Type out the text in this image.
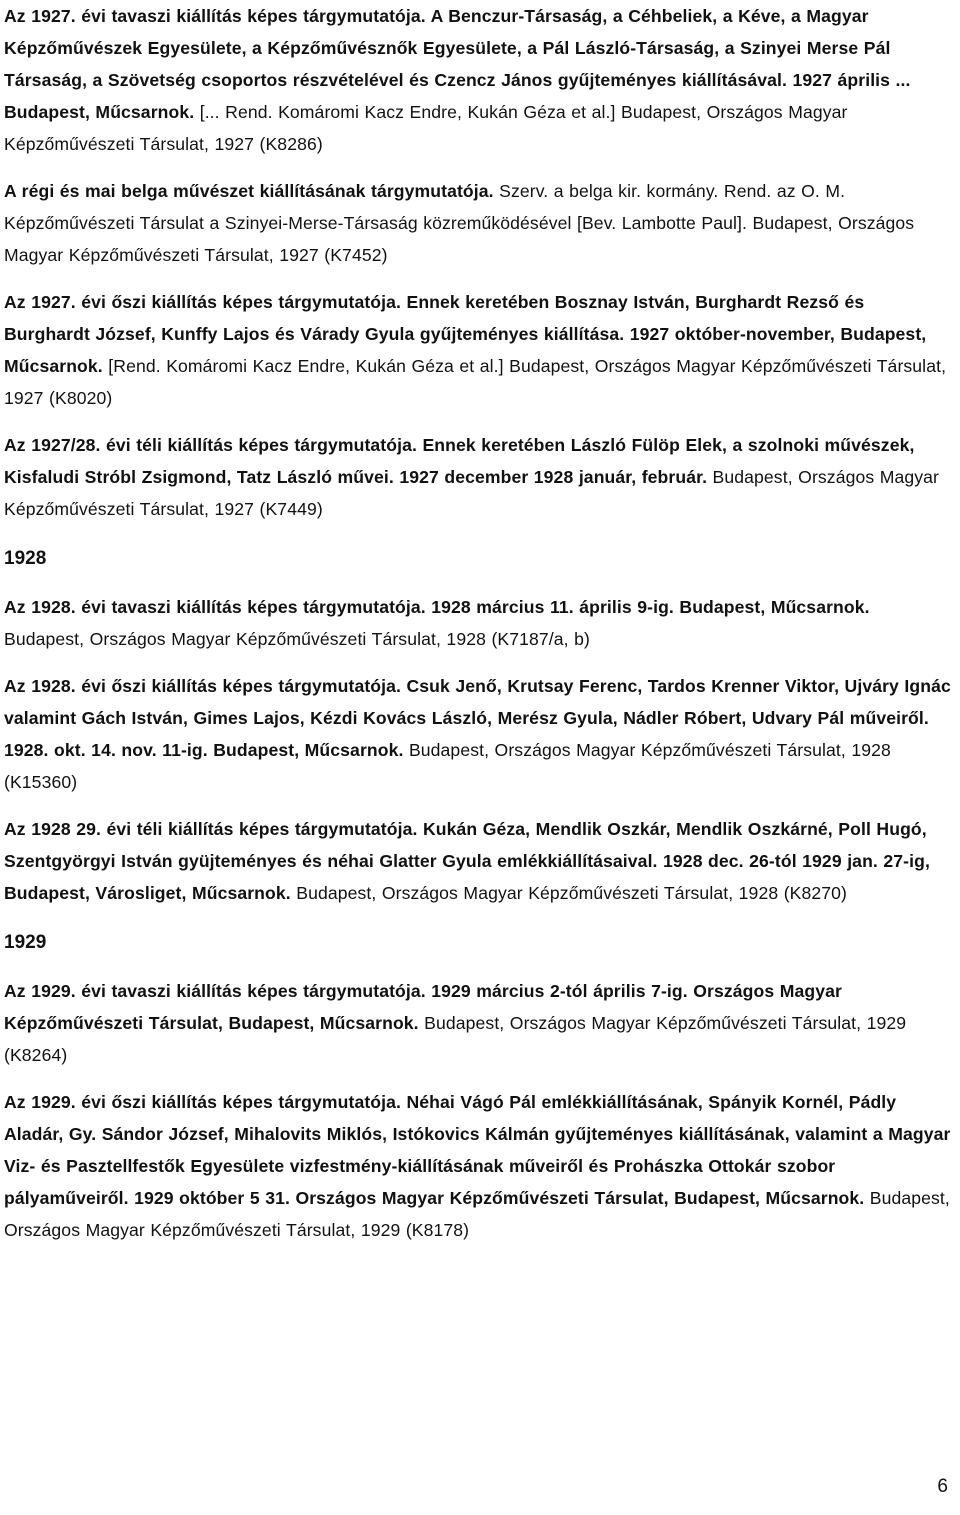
Az 1927. évi tavaszi kiállítás képes tárgymutatója. A Benczur-Társaság, a Céhbeliek, a Kéve, a Magyar Képzőművészek Egyesülete, a Képzőművésznők Egyesülete, a Pál László-Társaság, a Szinyei Merse Pál Társaság, a Szövetség csoportos részvételével és Czencz János gyűjteményes kiállításával. 1927 április ... Budapest, Műcsarnok. [... Rend. Komáromi Kacz Endre, Kukán Géza et al.] Budapest, Országos Magyar Képzőművészeti Társulat, 1927 (K8286)

A régi és mai belga művészet kiállításának tárgymutatója. Szerv. a belga kir. kormány. Rend. az O. M. Képzőművészeti Társulat a Szinyei-Merse-Társaság közreműködésével [Bev. Lambotte Paul]. Budapest, Országos Magyar Képzőművészeti Társulat, 1927 (K7452)

Az 1927. évi őszi kiállítás képes tárgymutatója. Ennek keretében Bosznay István, Burghardt Rezső és Burghardt József, Kunffy Lajos és Várady Gyula gyűjteményes kiállítása. 1927 október-november, Budapest, Műcsarnok. [Rend. Komáromi Kacz Endre, Kukán Géza et al.] Budapest, Országos Magyar Képzőművészeti Társulat, 1927 (K8020)

Az 1927/28. évi téli kiállítás képes tárgymutatója. Ennek keretében László Fülöp Elek, a szolnoki művészek, Kisfaludi Stróbl Zsigmond, Tatz László művei. 1927 december 1928 január, február. Budapest, Országos Magyar Képzőművészeti Társulat, 1927 (K7449)

1928

Az 1928. évi tavaszi kiállítás képes tárgymutatója. 1928 március 11. április 9-ig. Budapest, Műcsarnok. Budapest, Országos Magyar Képzőművészeti Társulat, 1928 (K7187/a, b)

Az 1928. évi őszi kiállítás képes tárgymutatója. Csuk Jenő, Krutsay Ferenc, Tardos Krenner Viktor, Ujváry Ignác valamint Gách István, Gimes Lajos, Kézdi Kovács László, Merész Gyula, Nádler Róbert, Udvary Pál műveiről. 1928. okt. 14. nov. 11-ig. Budapest, Műcsarnok. Budapest, Országos Magyar Képzőművészeti Társulat, 1928 (K15360)

Az 1928 29. évi téli kiállítás képes tárgymutatója. Kukán Géza, Mendlik Oszkár, Mendlik Oszkárné, Poll Hugó, Szentgyörgyi István gyüjteményes és néhai Glatter Gyula emlékkiállításaival. 1928 dec. 26-tól 1929 jan. 27-ig, Budapest, Városliget, Műcsarnok. Budapest, Országos Magyar Képzőművészeti Társulat, 1928 (K8270)

1929

Az 1929. évi tavaszi kiállítás képes tárgymutatója. 1929 március 2-tól április 7-ig. Országos Magyar Képzőművészeti Társulat, Budapest, Műcsarnok. Budapest, Országos Magyar Képzőművészeti Társulat, 1929 (K8264)

Az 1929. évi őszi kiállítás képes tárgymutatója. Néhai Vágó Pál emlékkiállításának, Spányik Kornél, Pádly Aladár, Gy. Sándor József, Mihalovits Miklós, Istókovics Kálmán gyűjteményes kiállításának, valamint a Magyar Viz- és Pasztellfestők Egyesülete vizfestmény-kiállításának műveiről és Prohászka Ottokár szobor pályaműveiről. 1929 október 5 31. Országos Magyar Képzőművészeti Társulat, Budapest, Műcsarnok. Budapest, Országos Magyar Képzőművészeti Társulat, 1929 (K8178)

6
